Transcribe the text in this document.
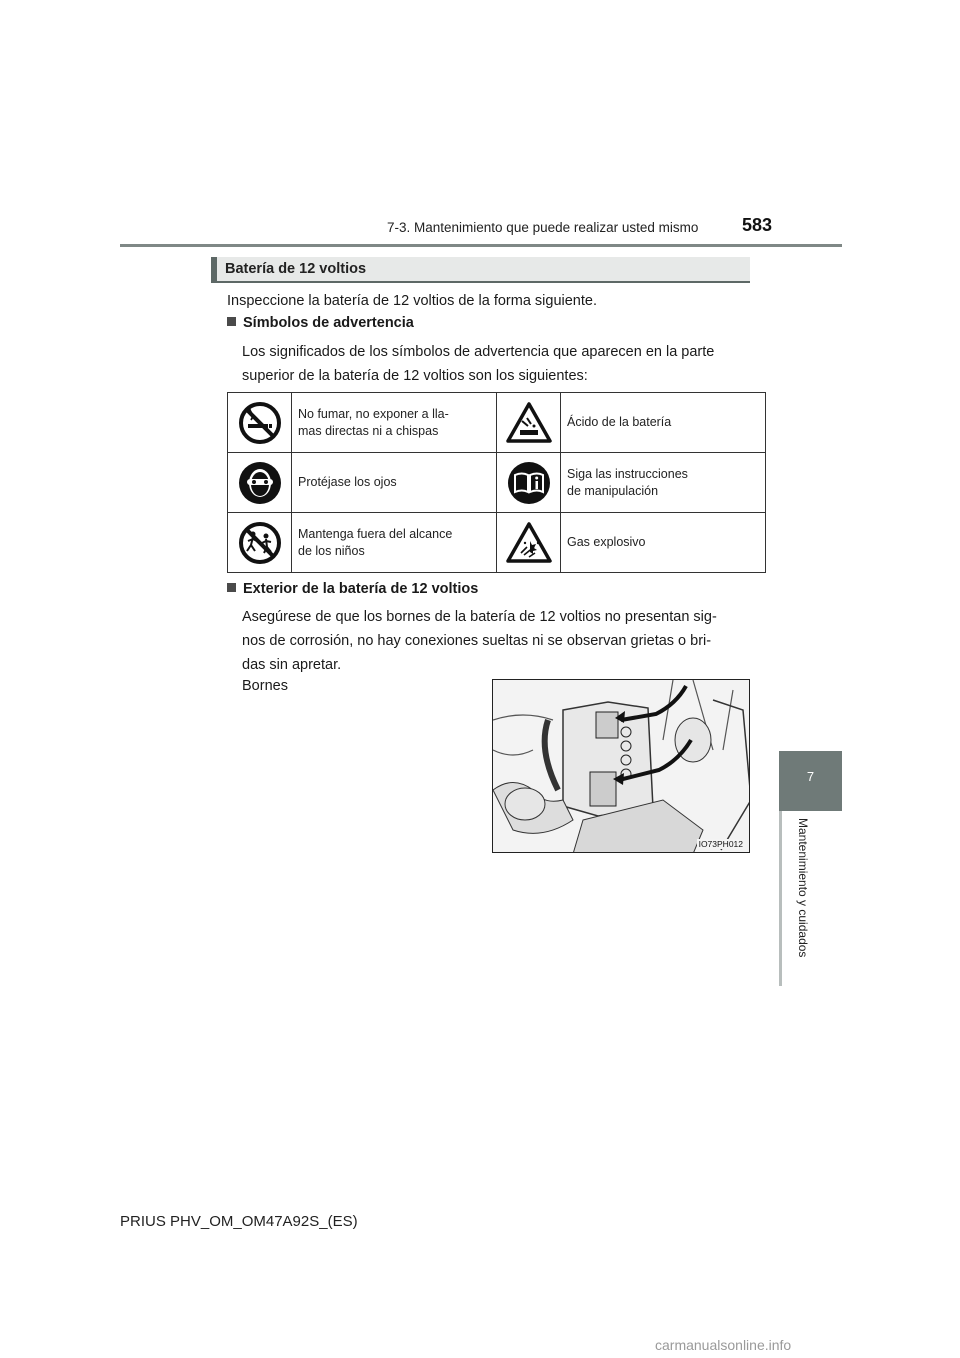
7-3. Mantenimiento que puede realizar usted mismo 583
7
Mantenimiento y cuidados
Batería de 12 voltios
Inspeccione la batería de 12 voltios de la forma siguiente.
Símbolos de advertencia
Los significados de los símbolos de advertencia que aparecen en la parte
superior de la batería de 12 voltios son los siguientes:

No fumar, no exponer a lla-
mas directas ni a chispas		Ácido de la batería

Protéjase los ojos		Siga las instrucciones
de manipulación

Mantenga fuera del alcance
de los niños		Gas explosivo
Exterior de la batería de 12 voltios
Asegúrese de que los bornes de la batería de 12 voltios no presentan sig-
nos de corrosión, no hay conexiones sueltas ni se observan grietas o bri-
das sin apretar.
Bornes
IO73PH012
PRIUS PHV_OM_OM47A92S_(ES)
carmanualsonline.info
